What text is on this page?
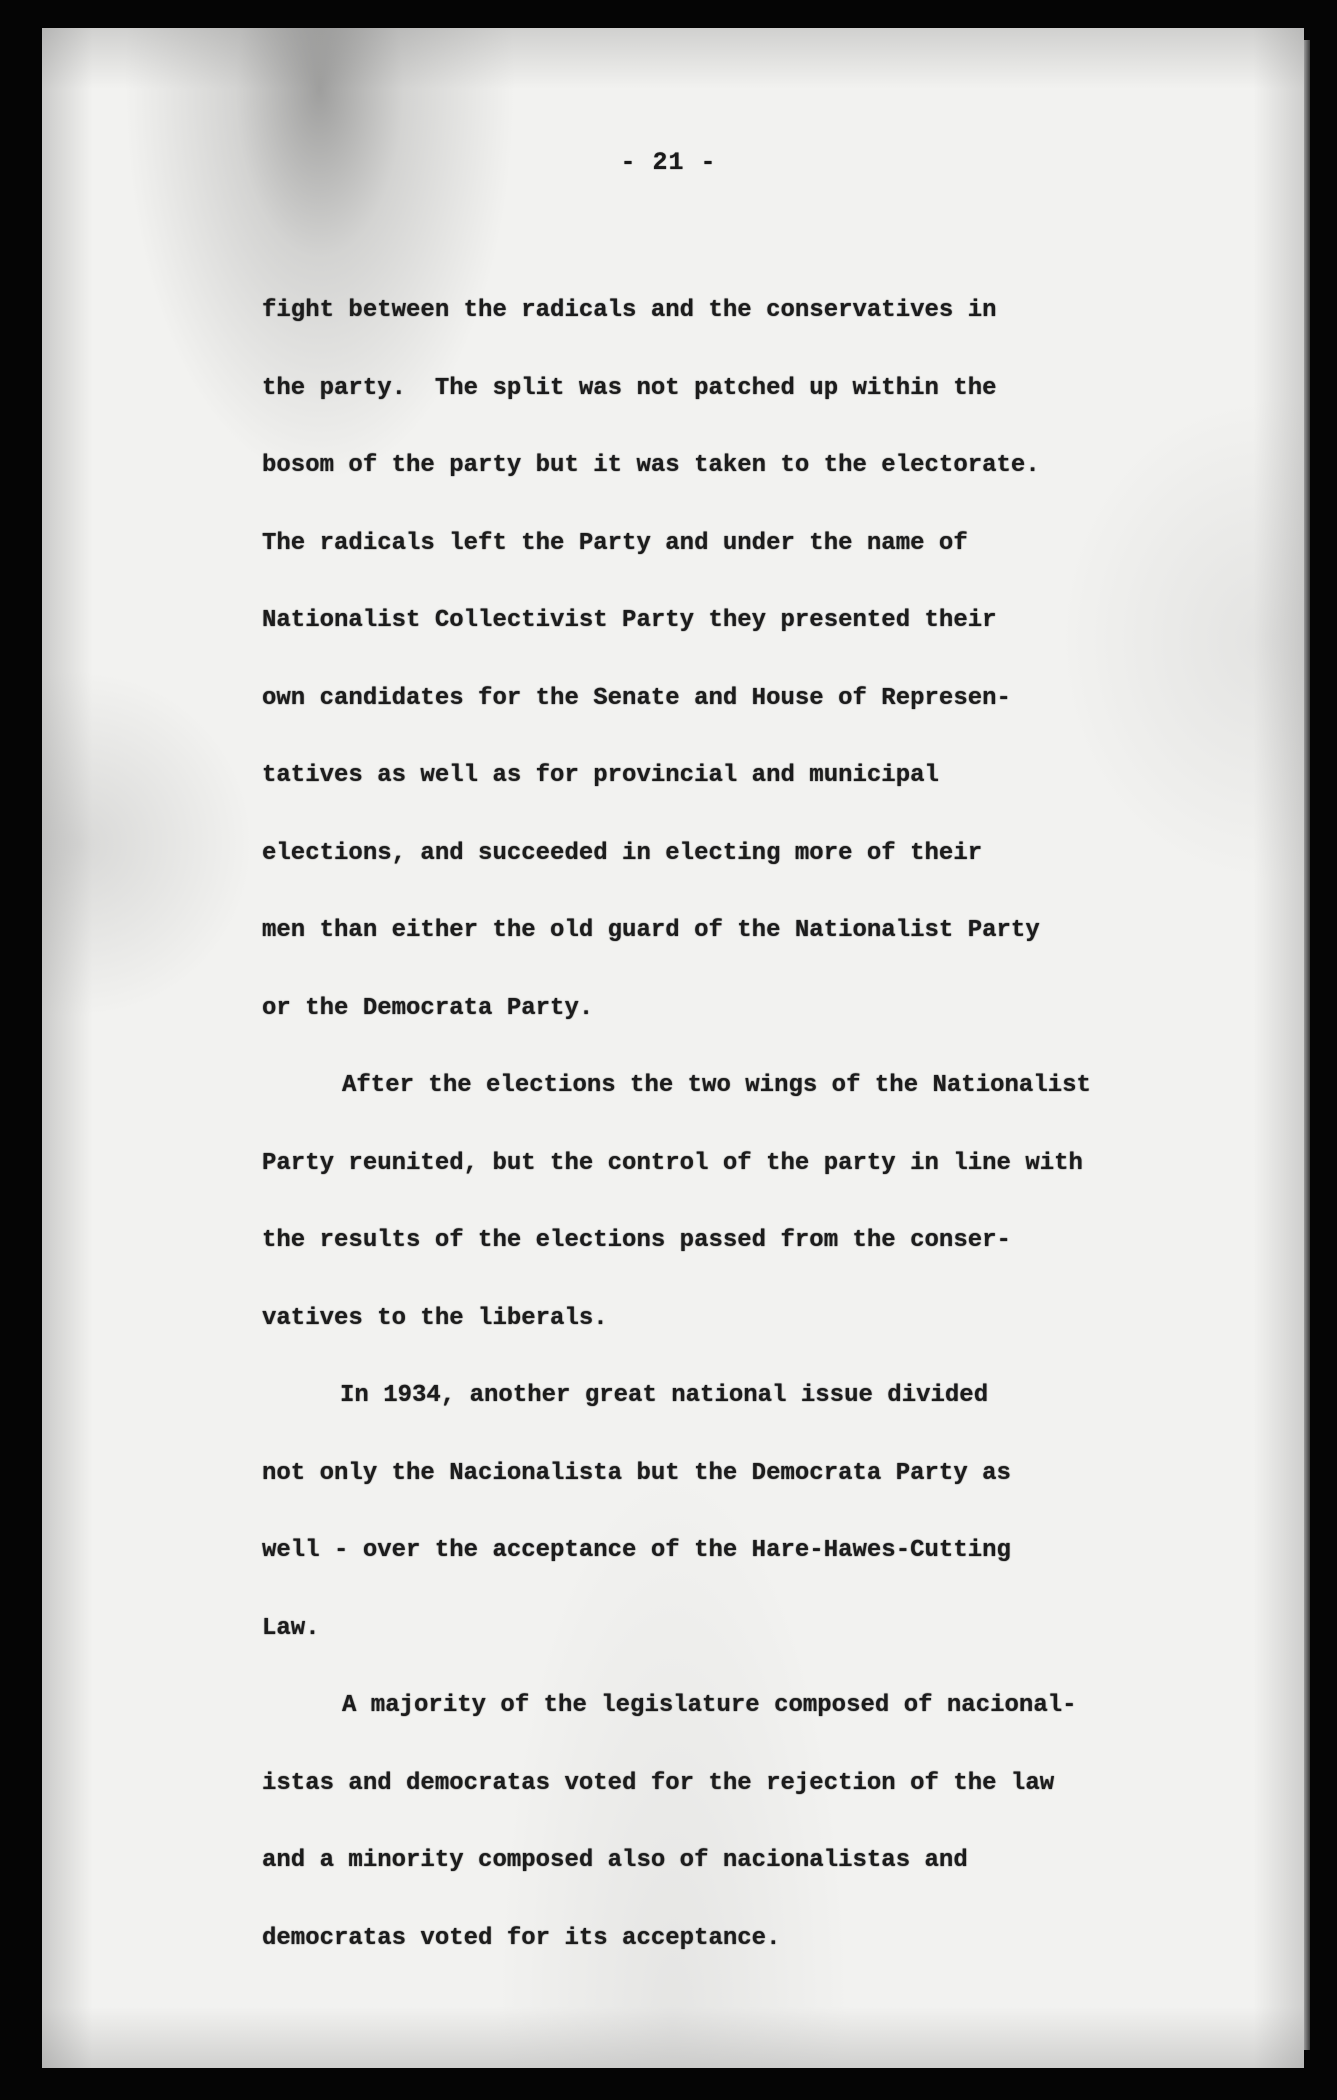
- 21 -
fight between the radicals and the conservatives in
the party.  The split was not patched up within the
bosom of the party but it was taken to the electorate.
The radicals left the Party and under the name of
Nationalist Collectivist Party they presented their
own candidates for the Senate and House of Represen-
tatives as well as for provincial and municipal
elections, and succeeded in electing more of their
men than either the old guard of the Nationalist Party
or the Democrata Party.
After the elections the two wings of the Nationalist
Party reunited, but the control of the party in line with
the results of the elections passed from the conser-
vatives to the liberals.
In 1934, another great national issue divided
not only the Nacionalista but the Democrata Party as
well - over the acceptance of the Hare-Hawes-Cutting
Law.
A majority of the legislature composed of nacional-
istas and democratas voted for the rejection of the law
and a minority composed also of nacionalistas and
democratas voted for its acceptance.
